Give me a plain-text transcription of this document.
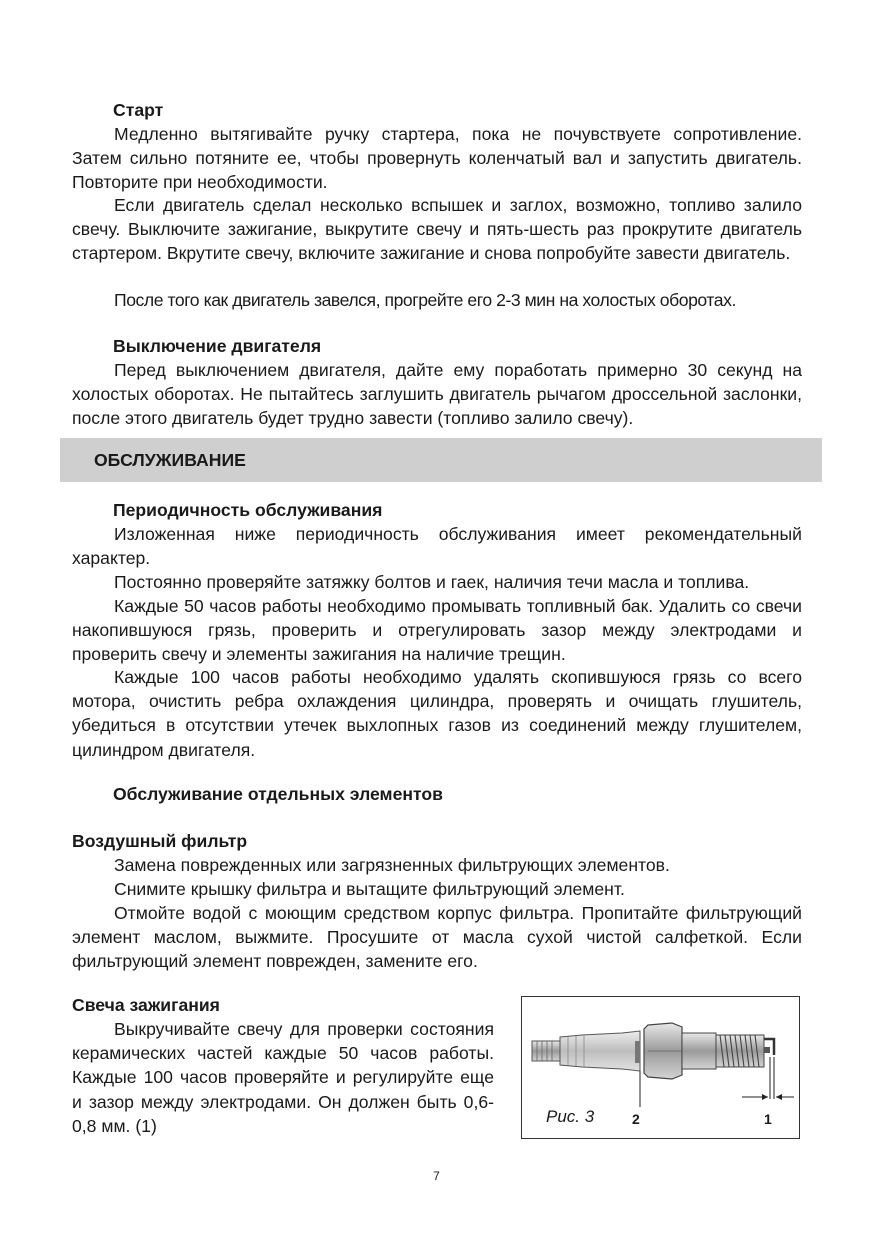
Старт

Медленно вытягивайте ручку стартера, пока не почувствуете сопротивление. Затем сильно потяните ее, чтобы провернуть коленчатый вал и запустить двигатель. Повторите при необходимости.

Если двигатель сделал несколько вспышек и заглох, возможно, топливо залило свечу. Выключите зажигание, выкрутите свечу и пять-шесть раз прокрутите двигатель стартером. Вкрутите свечу, включите зажигание и снова попробуйте завести двигатель.

После того как двигатель завелся, прогрейте его 2-3 мин на холостых оборотах.

Выключение двигателя

Перед выключением двигателя, дайте ему поработать примерно 30 секунд на холостых оборотах. Не пытайтесь заглушить двигатель рычагом дроссельной заслонки, после этого двигатель будет трудно завести (топливо залило свечу).

ОБСЛУЖИВАНИЕ
Периодичность обслуживания

Изложенная ниже периодичность обслуживания имеет рекомендательный характер.

Постоянно проверяйте затяжку болтов и гаек, наличия течи масла и топлива.

Каждые 50 часов работы необходимо промывать топливный бак. Удалить со свечи накопившуюся грязь, проверить и отрегулировать зазор между электродами и проверить свечу и элементы зажигания на наличие трещин.

Каждые 100 часов работы необходимо удалять скопившуюся грязь со всего мотора, очистить ребра охлаждения цилиндра, проверять и очищать глушитель, убедиться в отсутствии утечек выхлопных газов из соединений между глушителем, цилиндром двигателя.

Обслуживание отдельных элементов
Воздушный фильтр

Замена поврежденных или загрязненных фильтрующих элементов.

Снимите крышку фильтра и вытащите фильтрующий элемент.

Отмойте водой с моющим средством корпус фильтра. Пропитайте фильтрующий элемент маслом, выжмите. Просушите от масла сухой чистой салфеткой. Если фильтрующий элемент поврежден, замените его.

Свеча зажигания

Выкручивайте свечу для проверки состояния керамических частей каждые 50 часов работы. Каждые 100 часов проверяйте и регулируйте еще и зазор между электродами. Он должен быть 0,6-0,8 мм. (1)	Рис. 3	2	1
7
